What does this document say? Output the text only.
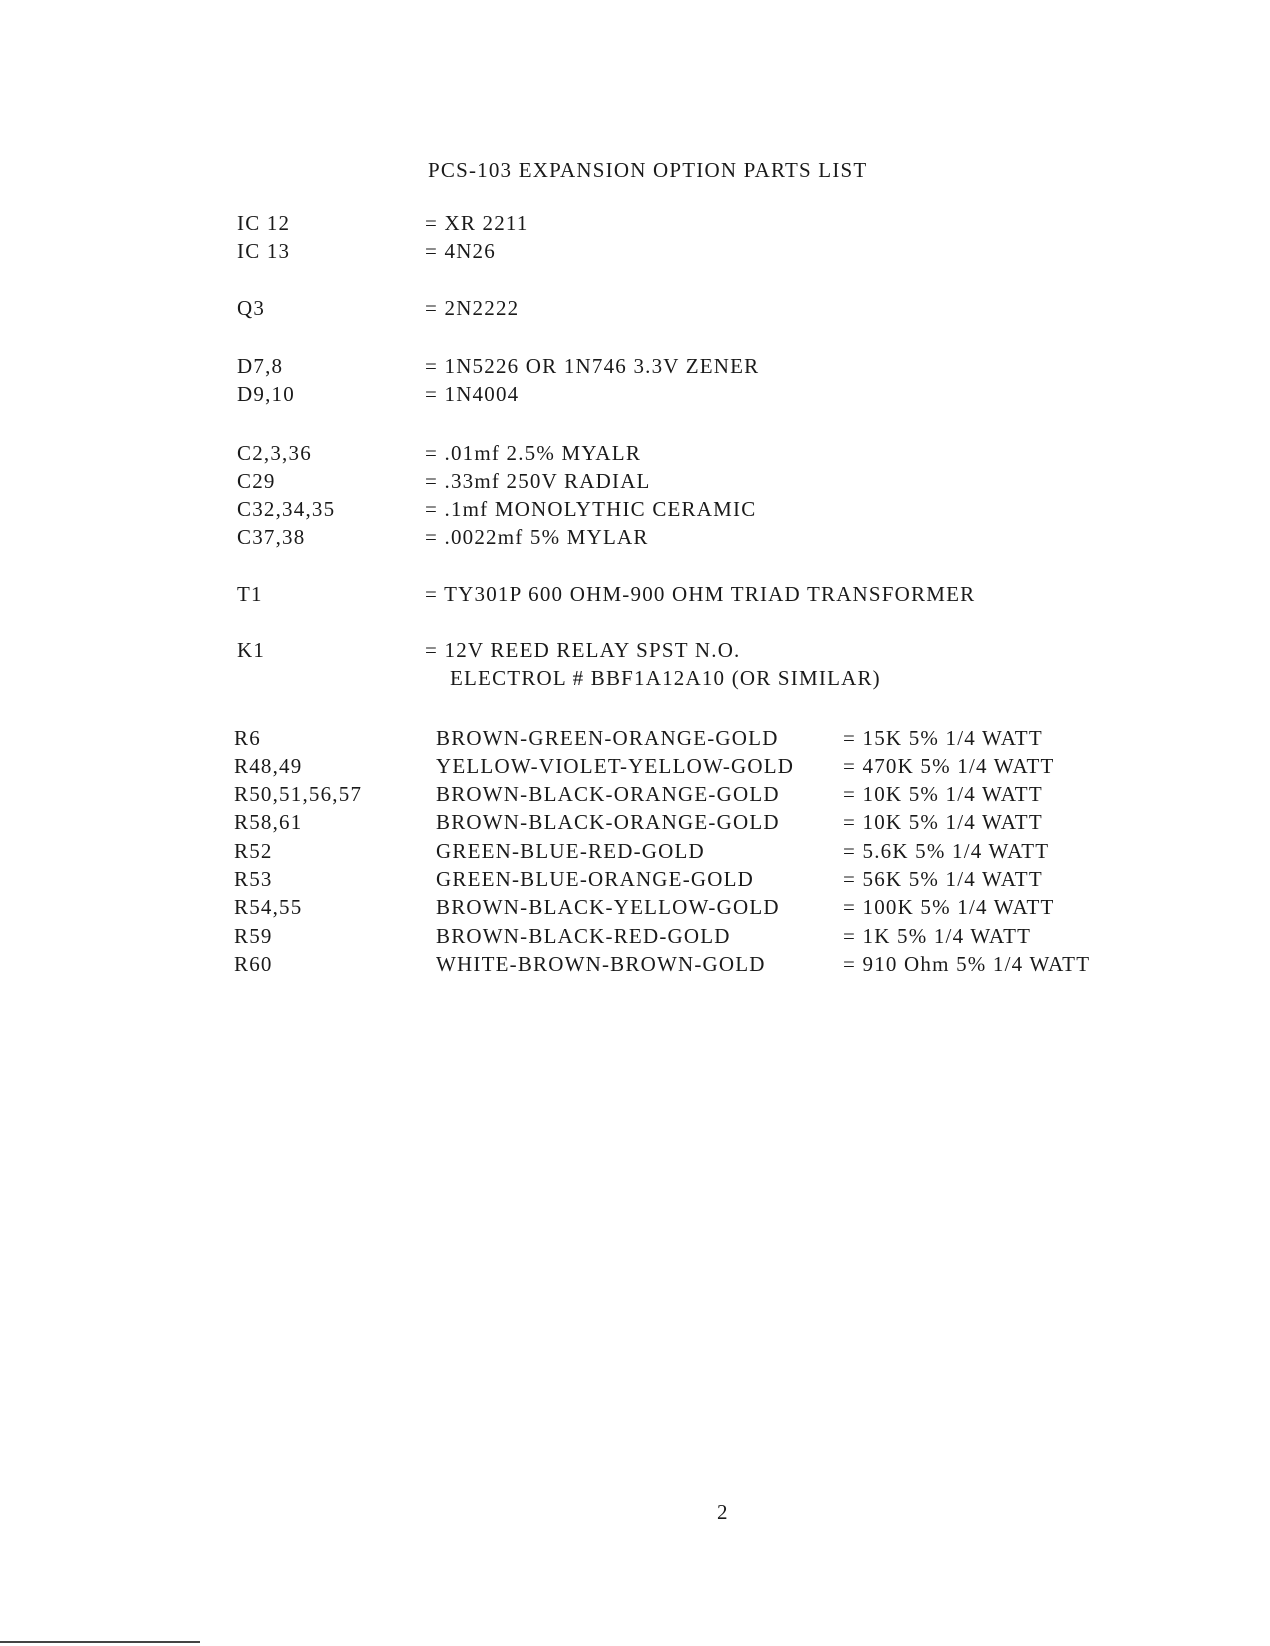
PCS-103 EXPANSION OPTION PARTS LIST
IC 12	= XR 2211
IC 13	= 4N26
Q3	= 2N2222
D7,8	= 1N5226 OR 1N746 3.3V ZENER
D9,10	= 1N4004
C2,3,36	= .01mf 2.5% MYALR
C29	= .33mf 250V RADIAL
C32,34,35	= .1mf MONOLYTHIC CERAMIC
C37,38	= .0022mf 5% MYLAR
T1	= TY301P 600 OHM-900 OHM TRIAD TRANSFORMER
K1	= 12V REED RELAY SPST N.O.
ELECTROL # BBF1A12A10 (OR SIMILAR)
R6	BROWN-GREEN-ORANGE-GOLD	= 15K 5% 1/4 WATT
R48,49	YELLOW-VIOLET-YELLOW-GOLD = 470K 5% 1/4 WATT
R50,51,56,57	BROWN-BLACK-ORANGE-GOLD	= 10K 5% 1/4 WATT
R58,61	BROWN-BLACK-ORANGE-GOLD	= 10K 5% 1/4 WATT
R52	GREEN-BLUE-RED-GOLD	= 5.6K 5% 1/4 WATT
R53	GREEN-BLUE-ORANGE-GOLD	= 56K 5% 1/4 WATT
R54,55	BROWN-BLACK-YELLOW-GOLD	= 100K 5% 1/4 WATT
R59	BROWN-BLACK-RED-GOLD	= 1K 5% 1/4 WATT
R60	WHITE-BROWN-BROWN-GOLD	= 910 Ohm 5% 1/4 WATT
2
